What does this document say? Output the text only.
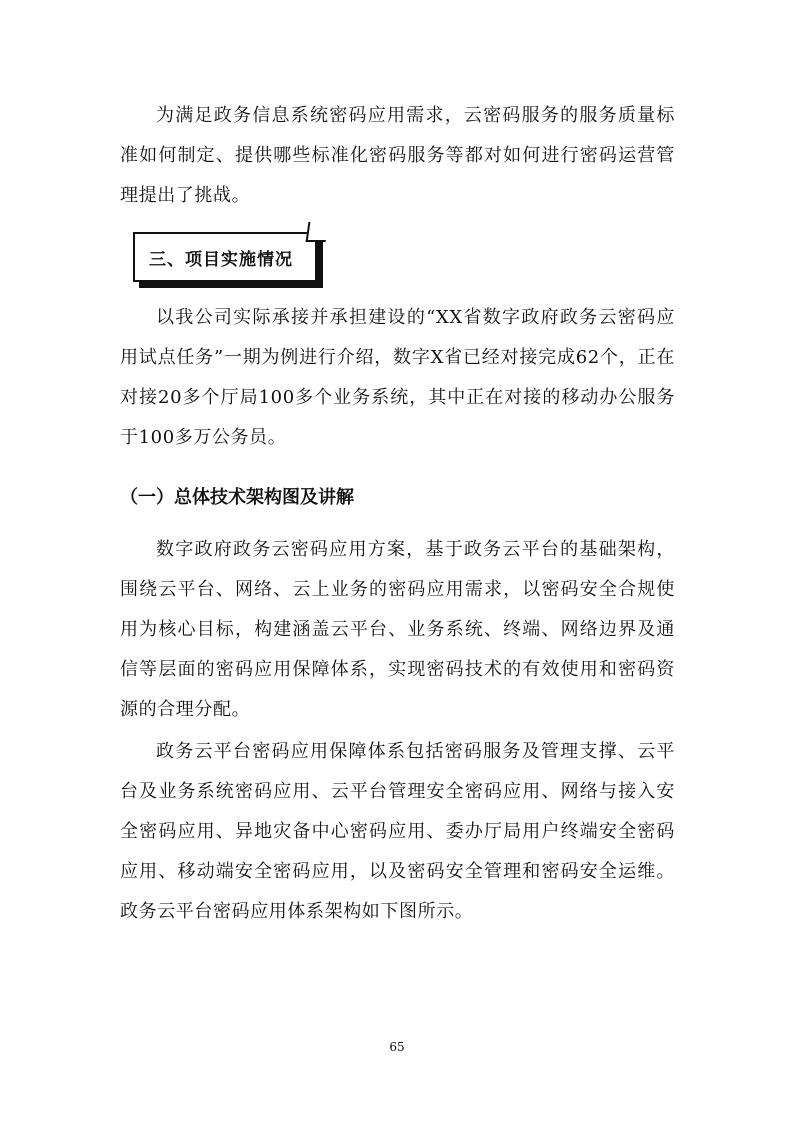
为满足政务信息系统密码应用需求，云密码服务的服务质量标准如何制定、提供哪些标准化密码服务等都对如何进行密码运营管理提出了挑战。

三、项目实施情况

以我公司实际承接并承担建设的“XX省数字政府政务云密码应用试点任务”一期为例进行介绍，数字X省已经对接完成62个，正在对接20多个厅局100多个业务系统，其中正在对接的移动办公服务于100多万公务员。

（一）总体技术架构图及讲解

数字政府政务云密码应用方案，基于政务云平台的基础架构，围绕云平台、网络、云上业务的密码应用需求，以密码安全合规使用为核心目标，构建涵盖云平台、业务系统、终端、网络边界及通信等层面的密码应用保障体系，实现密码技术的有效使用和密码资源的合理分配。

政务云平台密码应用保障体系包括密码服务及管理支撑、云平台及业务系统密码应用、云平台管理安全密码应用、网络与接入安全密码应用、异地灾备中心密码应用、委办厅局用户终端安全密码应用、移动端安全密码应用，以及密码安全管理和密码安全运维。政务云平台密码应用体系架构如下图所示。

65
